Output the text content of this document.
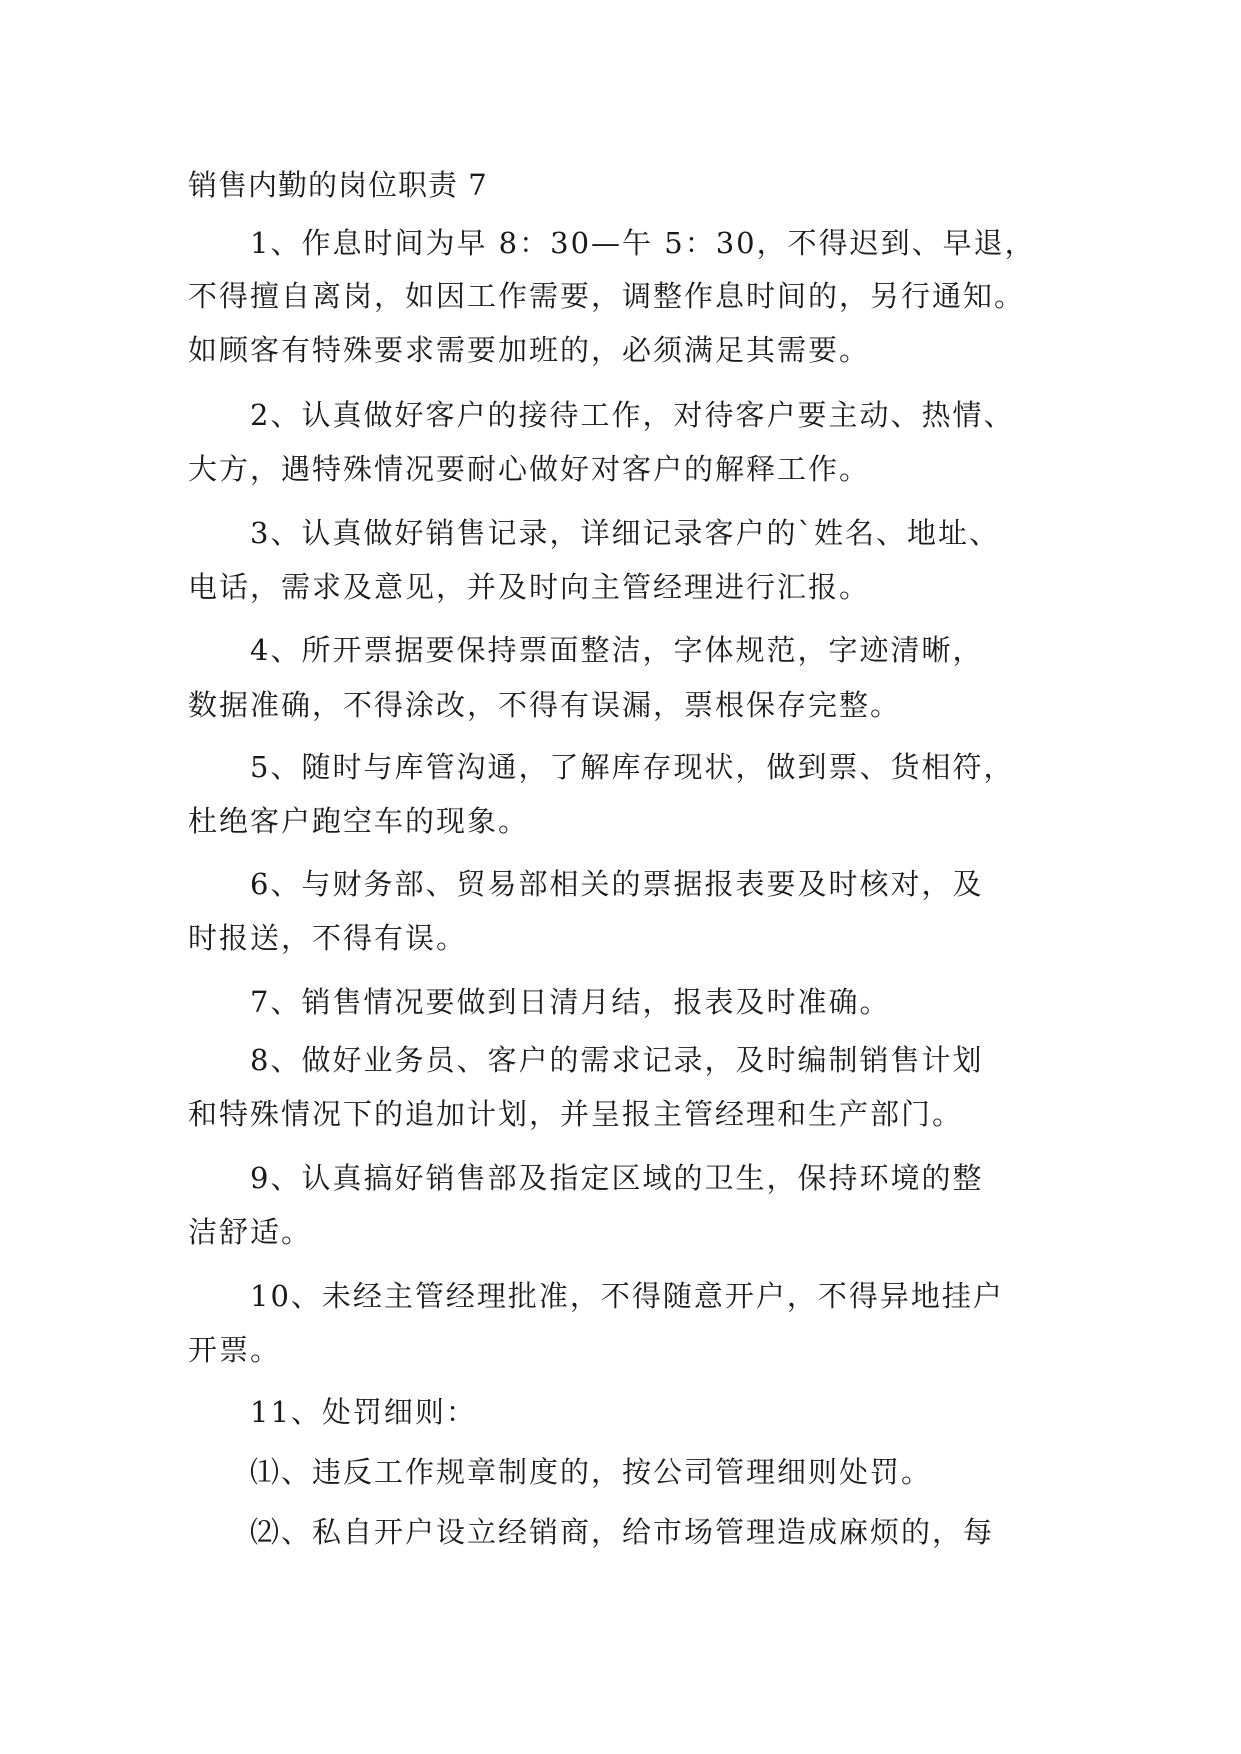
销售内勤的岗位职责 7
1、作息时间为早 8：30—午 5：30，不得迟到、早退，
不得擅自离岗，如因工作需要，调整作息时间的，另行通知。
如顾客有特殊要求需要加班的，必须满足其需要。
2、认真做好客户的接待工作，对待客户要主动、热情、
大方，遇特殊情况要耐心做好对客户的解释工作。
3、认真做好销售记录，详细记录客户的`姓名、地址、
电话，需求及意见，并及时向主管经理进行汇报。
4、所开票据要保持票面整洁，字体规范，字迹清晰，
数据准确，不得涂改，不得有误漏，票根保存完整。
5、随时与库管沟通，了解库存现状，做到票、货相符，
杜绝客户跑空车的现象。
6、与财务部、贸易部相关的票据报表要及时核对，及
时报送，不得有误。
7、销售情况要做到日清月结，报表及时准确。
8、做好业务员、客户的需求记录，及时编制销售计划
和特殊情况下的追加计划，并呈报主管经理和生产部门。
9、认真搞好销售部及指定区域的卫生，保持环境的整
洁舒适。
10、未经主管经理批准，不得随意开户，不得异地挂户
开票。
11、处罚细则：
⑴、违反工作规章制度的，按公司管理细则处罚。
⑵、私自开户设立经销商，给市场管理造成麻烦的，每
